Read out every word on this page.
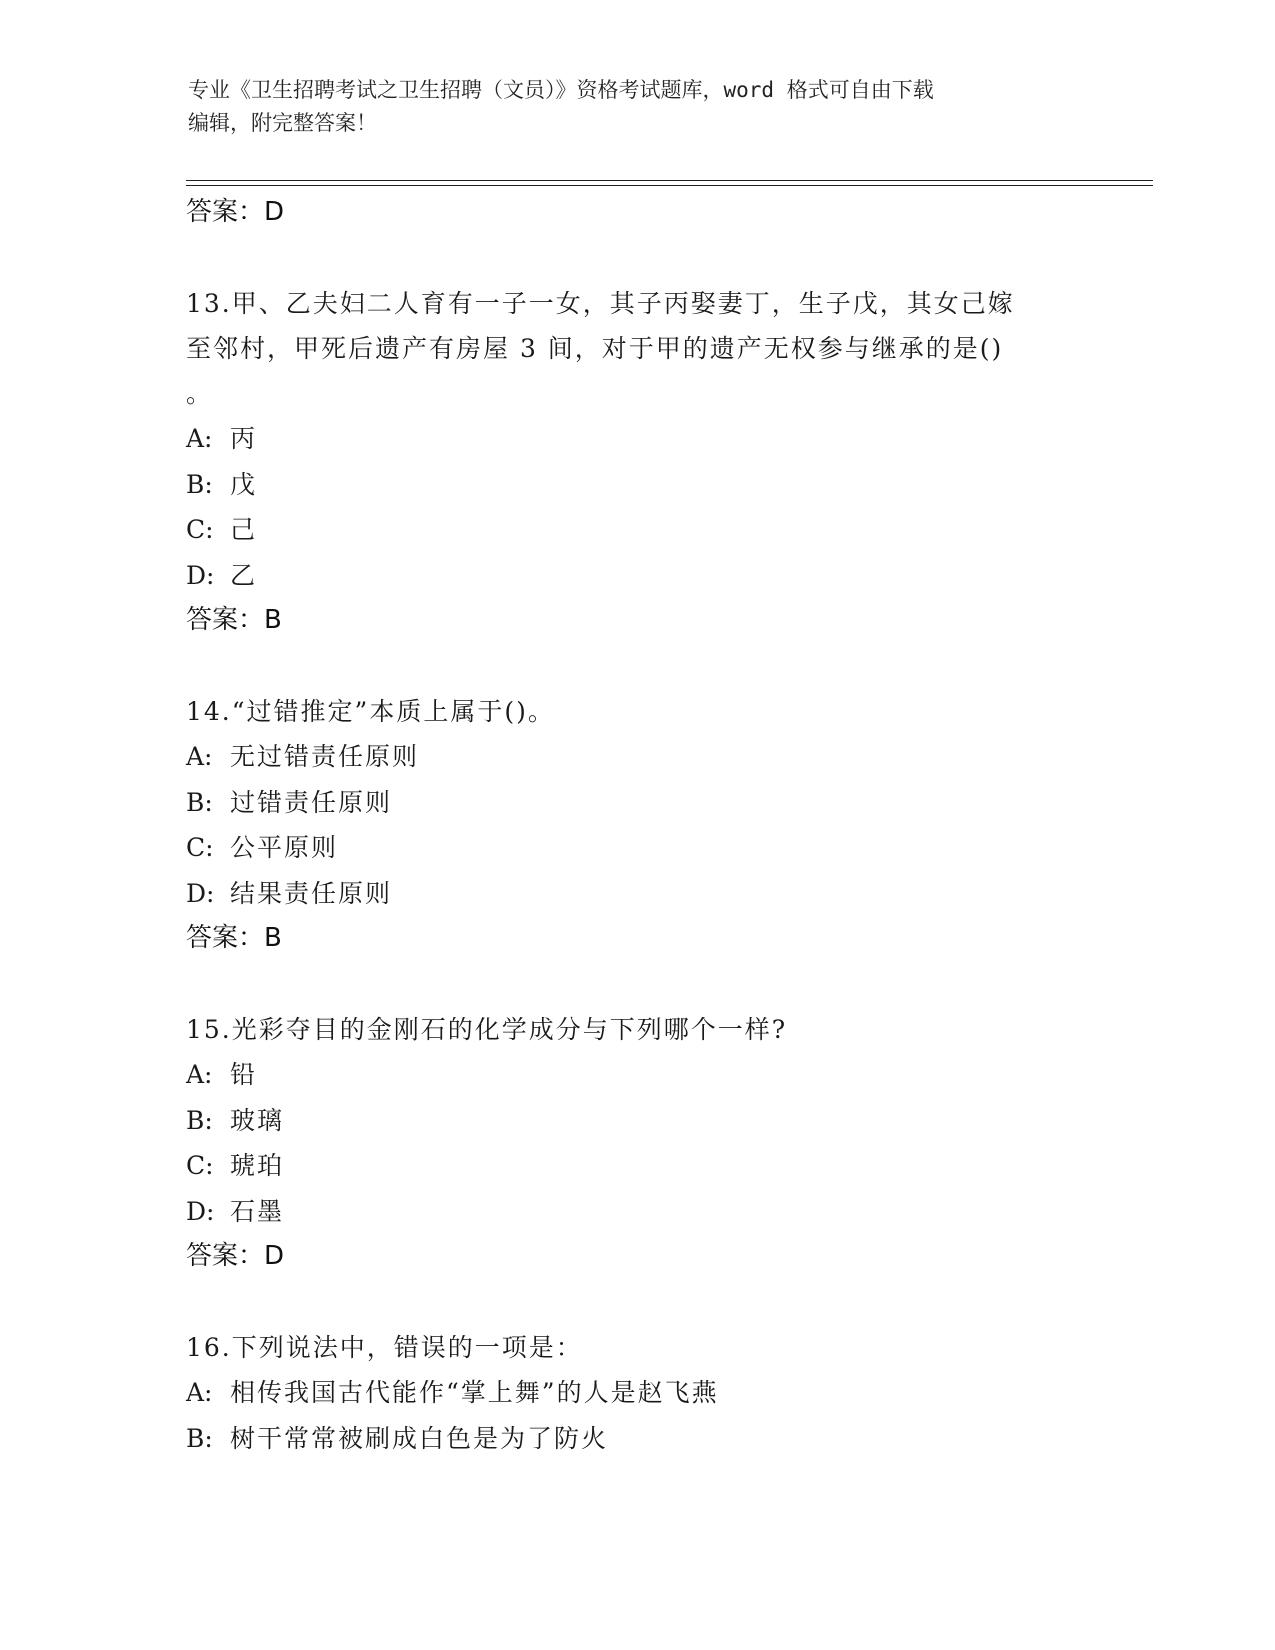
专业《卫生招聘考试之卫生招聘（文员）》资格考试题库，word 格式可自由下载
编辑，附完整答案！
答案：D
13.甲、乙夫妇二人育有一子一女，其子丙娶妻丁，生子戊，其女己嫁
至邻村，甲死后遗产有房屋 3 间，对于甲的遗产无权参与继承的是()
。
A: 丙
B: 戊
C: 己
D: 乙
答案：B
14.“过错推定”本质上属于()。
A: 无过错责任原则
B: 过错责任原则
C: 公平原则
D: 结果责任原则
答案：B
15.光彩夺目的金刚石的化学成分与下列哪个一样?
A: 铅
B: 玻璃
C: 琥珀
D: 石墨
答案：D
16.下列说法中，错误的一项是：
A: 相传我国古代能作“掌上舞”的人是赵飞燕
B: 树干常常被刷成白色是为了防火
